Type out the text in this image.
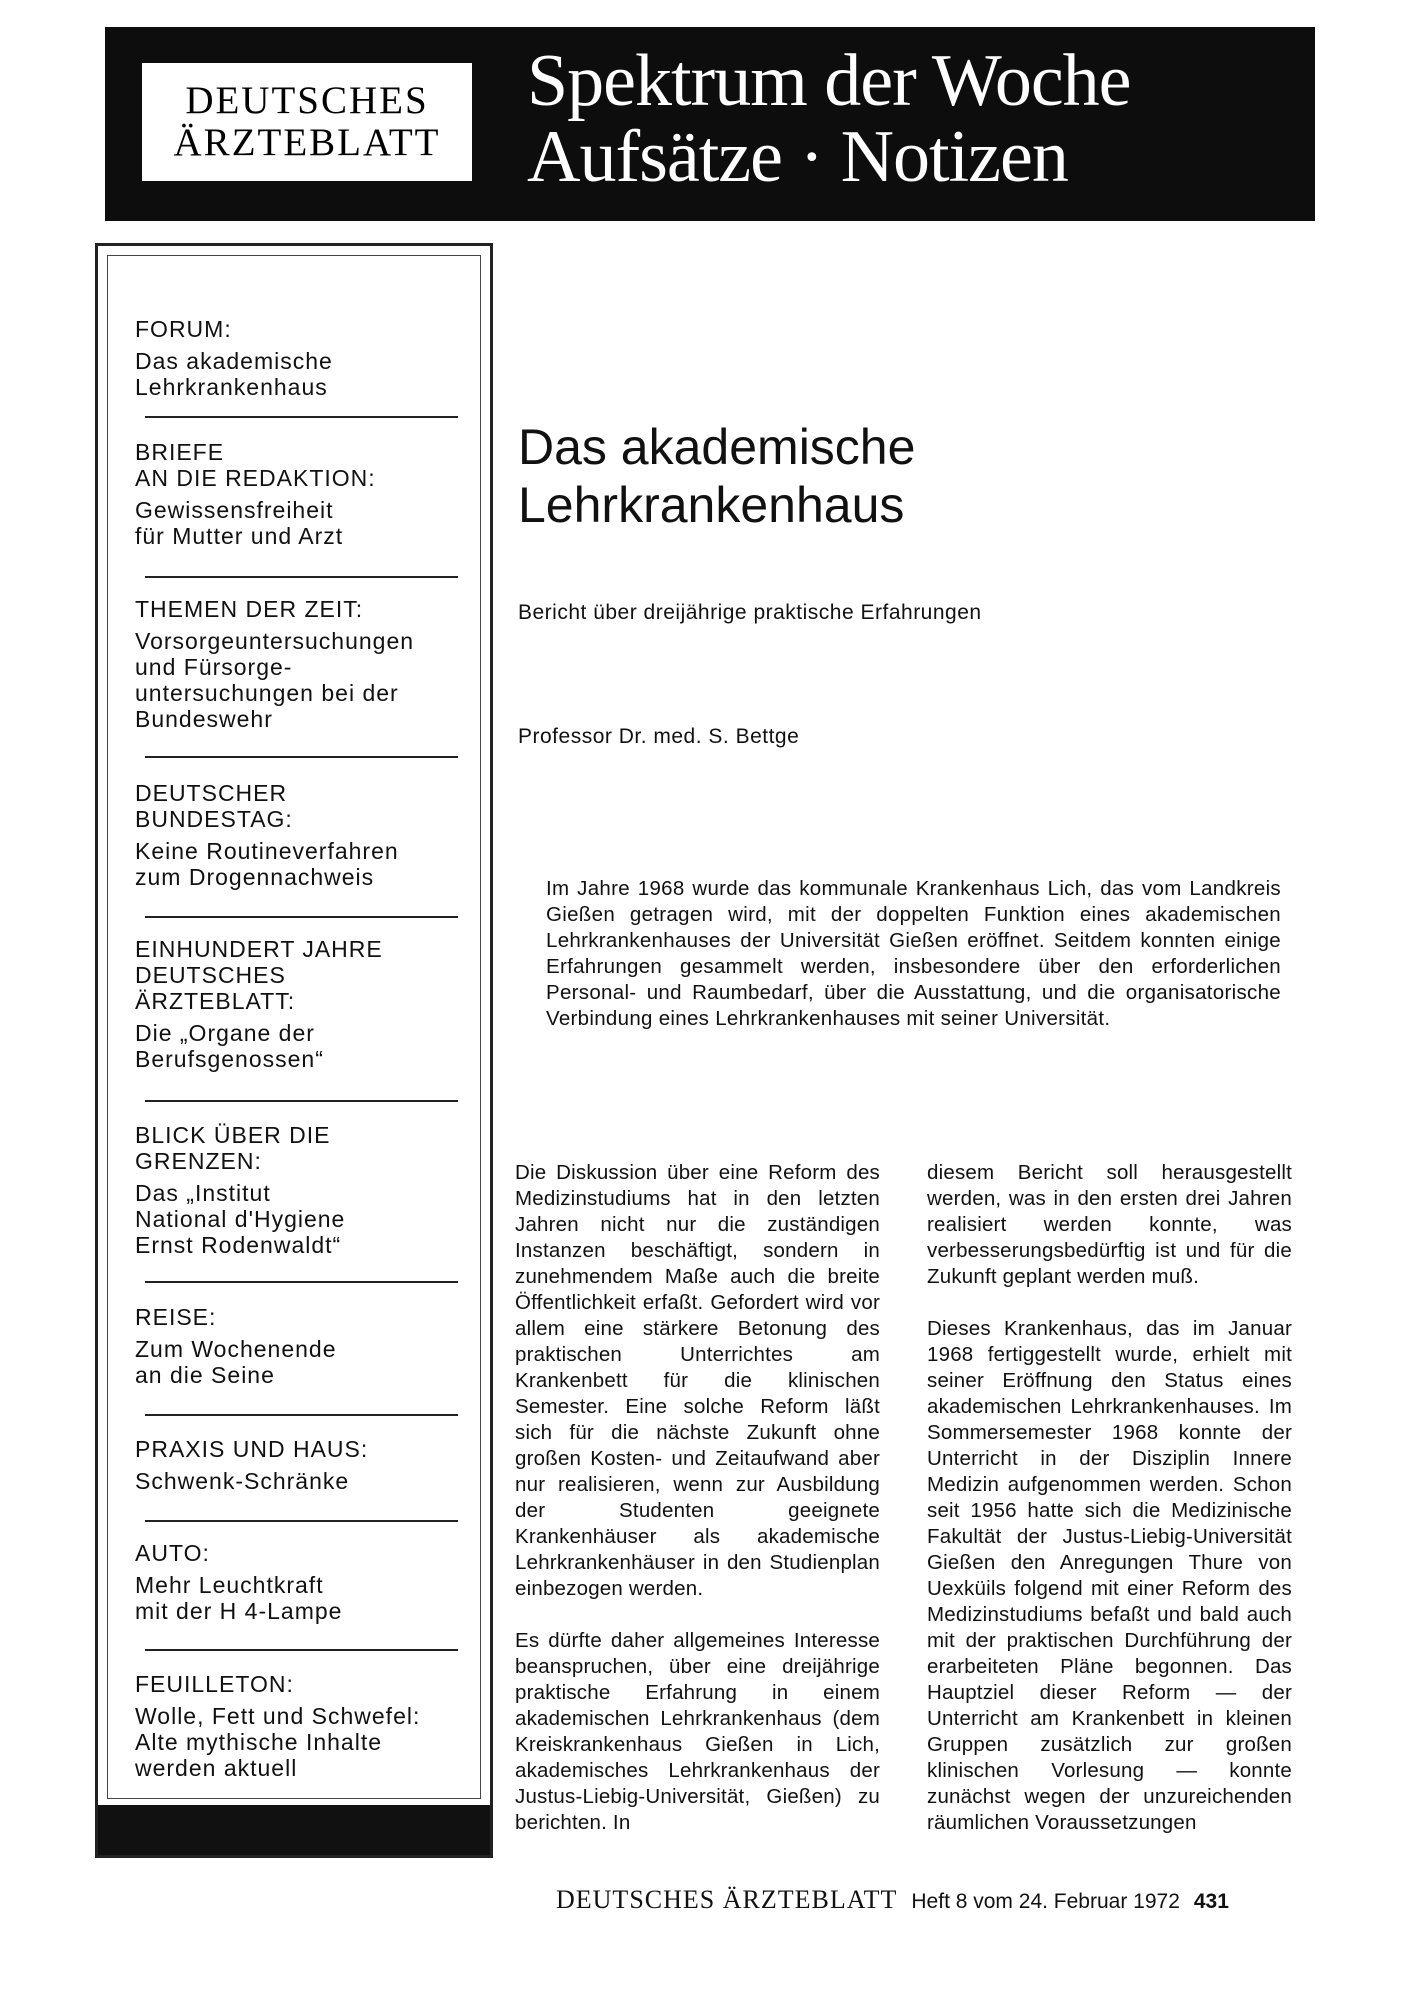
DEUTSCHES
ÄRZTEBLATT
Spektrum der Woche
Aufsätze · Notizen
FORUM:
Das akademische
Lehrkrankenhaus
BRIEFE
AN DIE REDAKTION:
Gewissensfreiheit
für Mutter und Arzt
THEMEN DER ZEIT:
Vorsorgeuntersuchungen
und Fürsorge-
untersuchungen bei der
Bundeswehr
DEUTSCHER
BUNDESTAG:
Keine Routineverfahren
zum Drogennachweis
EINHUNDERT JAHRE
DEUTSCHES
ÄRZTEBLATT:
Die „Organe der
Berufsgenossen“
BLICK ÜBER DIE
GRENZEN:
Das „Institut
National d'Hygiene
Ernst Rodenwaldt“
REISE:
Zum Wochenende
an die Seine
PRAXIS UND HAUS:
Schwenk-Schränke
AUTO:
Mehr Leuchtkraft
mit der H 4-Lampe
FEUILLETON:
Wolle, Fett und Schwefel:
Alte mythische Inhalte
werden aktuell
Das akademische
Lehrkrankenhaus
Bericht über dreijährige praktische Erfahrungen
Professor Dr. med. S. Bettge
Im Jahre 1968 wurde das kommunale Krankenhaus Lich, das vom Landkreis Gießen getragen wird, mit der doppelten Funktion eines akademischen Lehrkrankenhauses der Universität Gießen eröffnet. Seitdem konnten einige Erfahrungen gesammelt werden, insbesondere über den erforderlichen Personal- und Raumbedarf, über die Ausstattung, und die organisatorische Verbindung eines Lehrkrankenhauses mit seiner Universität.

Die Diskussion über eine Reform des Medizinstudiums hat in den letzten Jahren nicht nur die zuständigen Instanzen beschäftigt, sondern in zunehmendem Maße auch die breite Öffentlichkeit erfaßt. Gefordert wird vor allem eine stärkere Betonung des praktischen Unterrichtes am Krankenbett für die klinischen Semester. Eine solche Reform läßt sich für die nächste Zukunft ohne großen Kosten- und Zeitaufwand aber nur realisieren, wenn zur Ausbildung der Studenten geeignete Krankenhäuser als akademische Lehrkrankenhäuser in den Studienplan einbezogen werden.

Es dürfte daher allgemeines Interesse beanspruchen, über eine dreijährige praktische Erfahrung in einem akademischen Lehrkrankenhaus (dem Kreiskrankenhaus Gießen in Lich, akademisches Lehrkrankenhaus der Justus-Liebig-Universität, Gießen) zu berichten. In

diesem Bericht soll herausgestellt werden, was in den ersten drei Jahren realisiert werden konnte, was verbesserungsbedürftig ist und für die Zukunft geplant werden muß.

Dieses Krankenhaus, das im Januar 1968 fertiggestellt wurde, erhielt mit seiner Eröffnung den Status eines akademischen Lehrkrankenhauses. Im Sommersemester 1968 konnte der Unterricht in der Disziplin Innere Medizin aufgenommen werden. Schon seit 1956 hatte sich die Medizinische Fakultät der Justus-Liebig-Universität Gießen den Anregungen Thure von Uexküils folgend mit einer Reform des Medizinstudiums befaßt und bald auch mit der praktischen Durchführung der erarbeiteten Pläne begonnen. Das Hauptziel dieser Reform — der Unterricht am Krankenbett in kleinen Gruppen zusätzlich zur großen klinischen Vorlesung — konnte zunächst wegen der unzureichenden räumlichen Voraussetzungen

DEUTSCHES ÄRZTEBLATT Heft 8 vom 24. Februar 1972 431
